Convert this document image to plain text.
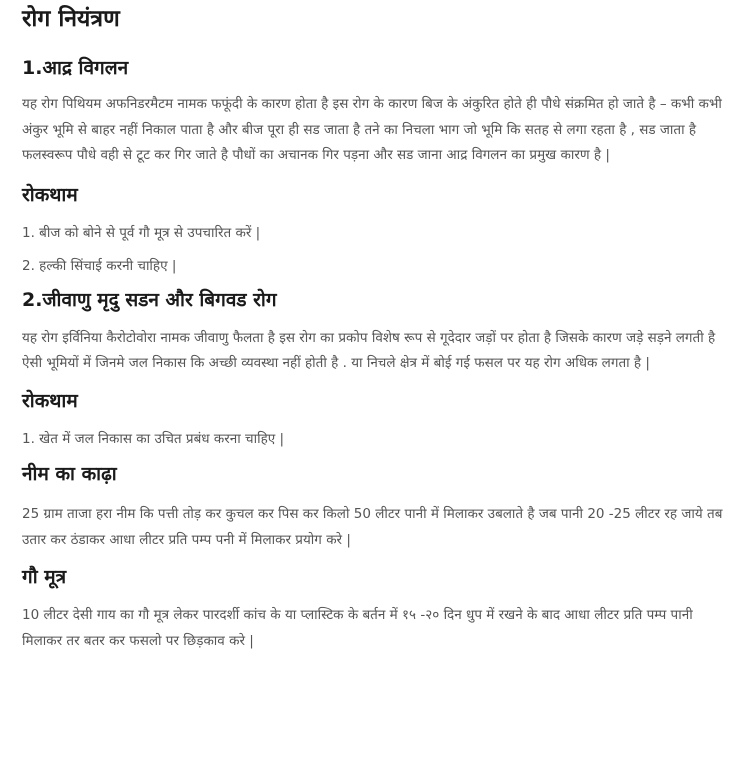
रोग नियंत्रण
1.आद्र विगलन

यह रोग पिथियम अफनिडरमैटम नामक फफूंदी के कारण होता है इस रोग के कारण बिज के अंकुरित होते ही पौधे संक्रमित हो जाते है – कभी कभी अंकुर भूमि से बाहर नहीं निकाल पाता है और बीज पूरा ही सड जाता है तने का निचला भाग जो भूमि कि सतह से लगा रहता है , सड जाता है फलस्वरूप पौधे वही से टूट कर गिर जाते है पौधों का अचानक गिर पड़ना और सड जाना आद्र विगलन का प्रमुख कारण है |

रोकथाम

1. बीज को बोने से पूर्व गौ मूत्र से उपचारित करें |

2. हल्की सिंचाई करनी चाहिए |

2.जीवाणु मृदु सडन और बिगवड रोग

यह रोग इर्विनिया कैरोटोवोरा नामक जीवाणु फैलता है इस रोग का प्रकोप विशेष रूप से गूदेदार जड़ों पर होता है जिसके कारण जड़े सड़ने लगती है ऐसी भूमियों में जिनमे जल निकास कि अच्छी व्यवस्था नहीं होती है . या निचले क्षेत्र में बोई गई फसल पर यह रोग अधिक लगता है |

रोकथाम

1. खेत में जल निकास का उचित प्रबंध करना चाहिए |

नीम का काढ़ा

25 ग्राम ताजा हरा नीम कि पत्ती तोड़ कर कुचल कर पिस कर किलो 50 लीटर पानी में मिलाकर उबलाते है जब पानी 20 -25 लीटर रह जाये तब उतार कर ठंडाकर आधा लीटर प्रति पम्प पनी में मिलाकर प्रयोग करे |

गौ मूत्र

10 लीटर देसी गाय का गौ मूत्र लेकर पारदर्शी कांच के या प्लास्टिक के बर्तन में १५ -२० दिन धुप में रखने के बाद आधा लीटर प्रति पम्प पानी मिलाकर तर बतर कर फसलो पर छिड़काव करे |
